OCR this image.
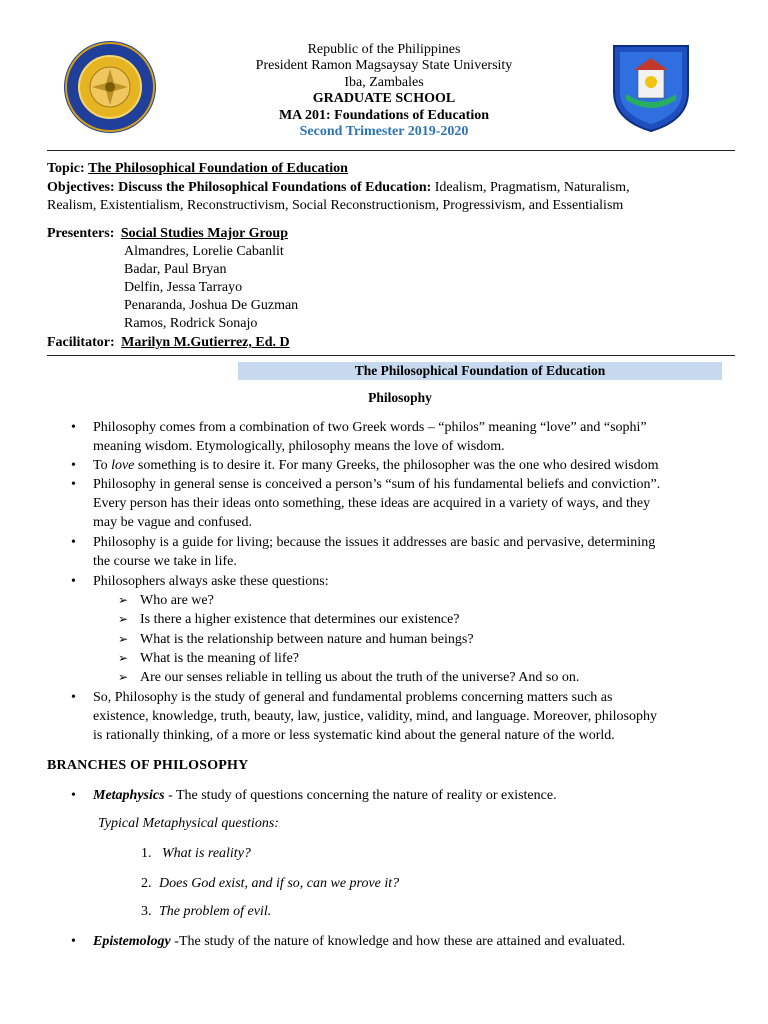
Republic of the Philippines
President Ramon Magsaysay State University
Iba, Zambales
GRADUATE SCHOOL
MA 201: Foundations of Education
Second Trimester 2019-2020
Topic: The Philosophical Foundation of Education
Objectives: Discuss the Philosophical Foundations of Education: Idealism, Pragmatism, Naturalism,
Realism, Existentialism, Reconstructivism, Social Reconstructionism, Progressivism, and Essentialism
Presenters: Social Studies Major Group
Almandres, Lorelie Cabanlit
Badar, Paul Bryan
Delfin, Jessa Tarrayo
Penaranda, Joshua De Guzman
Ramos, Rodrick Sonajo
Facilitator: Marilyn M.Gutierrez, Ed. D
The Philosophical Foundation of Education
Philosophy
• Philosophy comes from a combination of two Greek words – “philos” meaning “love” and “sophi”
meaning wisdom. Etymologically, philosophy means the love of wisdom.
• To love something is to desire it. For many Greeks, the philosopher was the one who desired wisdom
• Philosophy in general sense is conceived a person’s “sum of his fundamental beliefs and conviction”.
Every person has their ideas onto something, these ideas are acquired in a variety of ways, and they
may be vague and confused.
• Philosophy is a guide for living; because the issues it addresses are basic and pervasive, determining
the course we take in life.
• Philosophers always aske these questions:
➢ Who are we?
➢ Is there a higher existence that determines our existence?
➢ What is the relationship between nature and human beings?
➢ What is the meaning of life?
➢ Are our senses reliable in telling us about the truth of the universe? And so on.
• So, Philosophy is the study of general and fundamental problems concerning matters such as
existence, knowledge, truth, beauty, law, justice, validity, mind, and language. Moreover, philosophy
is rationally thinking, of a more or less systematic kind about the general nature of the world.
BRANCHES OF PHILOSOPHY
• Metaphysics - The study of questions concerning the nature of reality or existence.
Typical Metaphysical questions:
1. What is reality?
2. Does God exist, and if so, can we prove it?
3. The problem of evil.
• Epistemology -The study of the nature of knowledge and how these are attained and evaluated.
